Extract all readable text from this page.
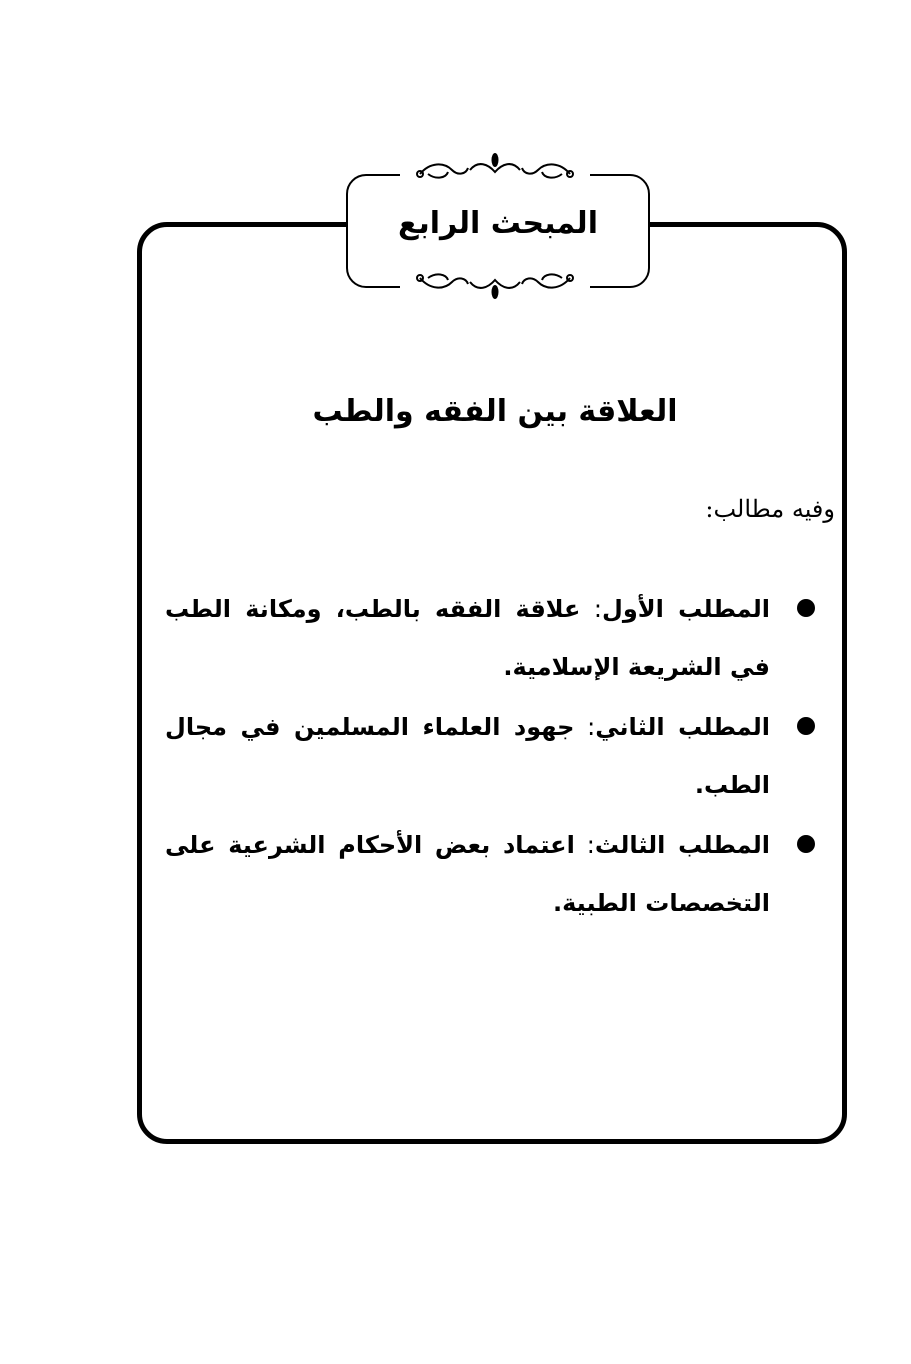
المبحث الرابع
العلاقة بين الفقه والطب
وفيه مطالب:
المطلب الأول: علاقة الفقه بالطب، ومكانة الطب في الشريعة الإسلامية.
المطلب الثاني: جهود العلماء المسلمين في مجال الطب.
المطلب الثالث: اعتماد بعض الأحكام الشرعية على التخصصات الطبية.
